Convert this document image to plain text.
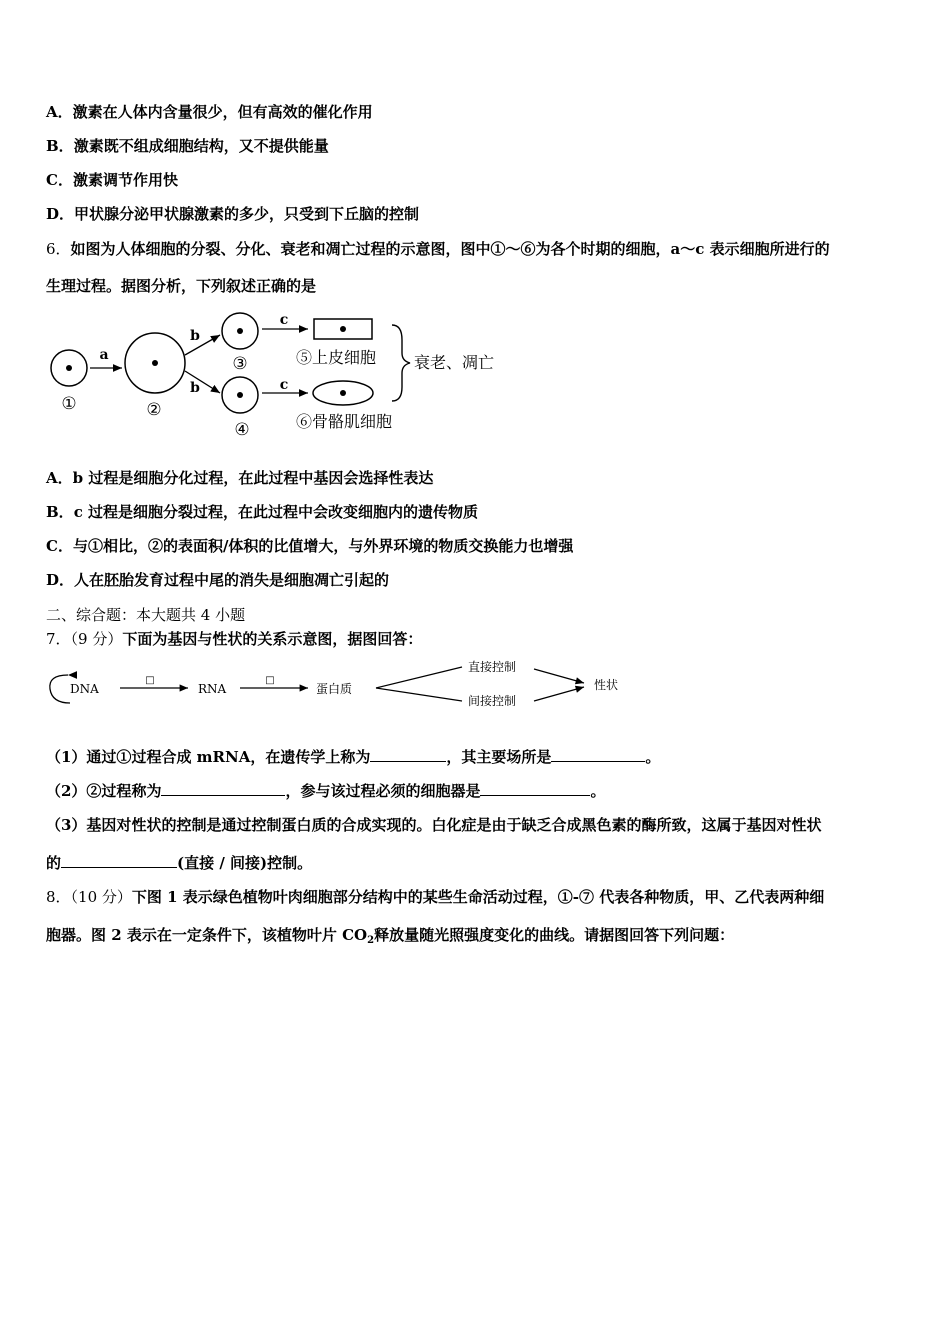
A．激素在人体内含量很少，但有高效的催化作用
B．激素既不组成细胞结构，又不提供能量
C．激素调节作用快
D．甲状腺分泌甲状腺激素的多少，只受到下丘脑的控制
6．如图为人体细胞的分裂、分化、衰老和凋亡过程的示意图，图中①～⑥为各个时期的细胞，a～c 表示细胞所进行的
生理过程。据图分析，下列叙述正确的是
①
a
②
b
b
③
④
c
c
⑤上皮细胞
⑥骨骼肌细胞
衰老、凋亡
A．b 过程是细胞分化过程，在此过程中基因会选择性表达
B．c 过程是细胞分裂过程，在此过程中会改变细胞内的遗传物质
C．与①相比，②的表面积/体积的比值增大，与外界环境的物质交换能力也增强
D．人在胚胎发育过程中尾的消失是细胞凋亡引起的
二、综合题：本大题共 4 小题
7．（9 分）下面为基因与性状的关系示意图，据图回答：
DNA
□
RNA
□
蛋白质
直接控制
间接控制
性状
（1）通过①过程合成 mRNA，在遗传学上称为	，其主要场所是	。
（2）②过程称为	，参与该过程必须的细胞器是	。
（3）基因对性状的控制是通过控制蛋白质的合成实现的。白化症是由于缺乏合成黑色素的酶所致，这属于基因对性状
的	(直接 / 间接)控制。
8．（10 分）下图 1 表示绿色植物叶肉细胞部分结构中的某些生命活动过程，①-⑦ 代表各种物质，甲、乙代表两种细
胞器。图 2 表示在一定条件下，该植物叶片 $CO_2$释放量随光照强度变化的曲线。请据图回答下列问题：
